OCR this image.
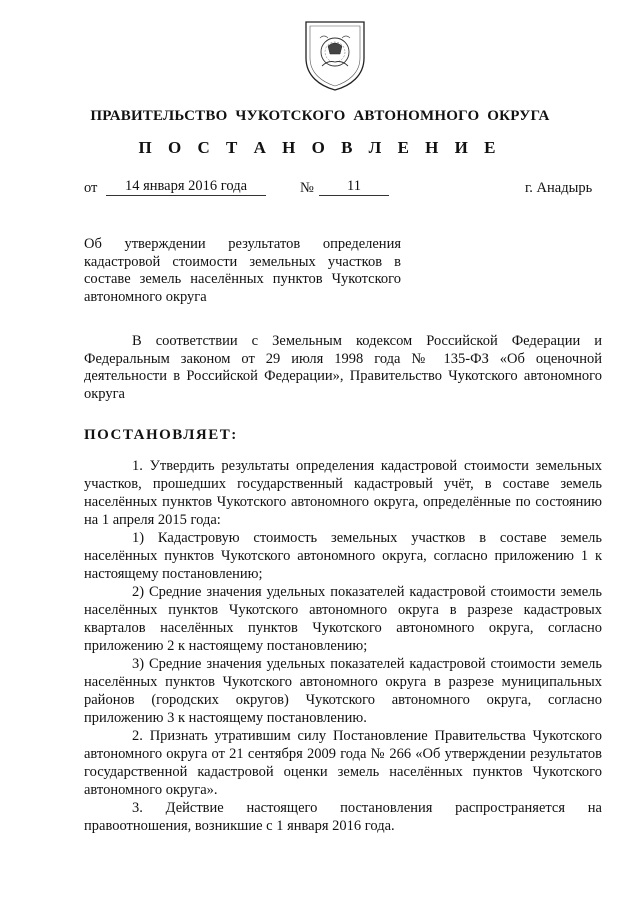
ПРАВИТЕЛЬСТВО ЧУКОТСКОГО АВТОНОМНОГО ОКРУГА
П О С Т А Н О В Л Е Н И Е
от	14 января 2016 года	№	11	г. Анадырь
Об утверждении результатов определения кадастровой стоимости земельных участков в составе земель населённых пунктов Чукотского автономного округа
В соответствии с Земельным кодексом Российской Федерации и Федеральным законом от 29 июля 1998 года № 135-ФЗ «Об оценочной деятельности в Российской Федерации», Правительство Чукотского автономного округа
ПОСТАНОВЛЯЕТ:

1. Утвердить результаты определения кадастровой стоимости земельных участков, прошедших государственный кадастровый учёт, в составе земель населённых пунктов Чукотского автономного округа, определённые по состоянию на 1 апреля 2015 года:

1) Кадастровую стоимость земельных участков в составе земель населённых пунктов Чукотского автономного округа, согласно приложению 1 к настоящему постановлению;

2) Средние значения удельных показателей кадастровой стоимости земель населённых пунктов Чукотского автономного округа в разрезе кадастровых кварталов населённых пунктов Чукотского автономного округа, согласно приложению 2 к настоящему постановлению;

3) Средние значения удельных показателей кадастровой стоимости земель населённых пунктов Чукотского автономного округа в разрезе муниципальных районов (городских округов) Чукотского автономного округа, согласно приложению 3 к настоящему постановлению.

2. Признать утратившим силу Постановление Правительства Чукотского автономного округа от 21 сентября 2009 года № 266 «Об утверждении результатов государственной кадастровой оценки земель населённых пунктов Чукотского автономного округа».

3. Действие настоящего постановления распространяется на правоотношения, возникшие с 1 января 2016 года.
